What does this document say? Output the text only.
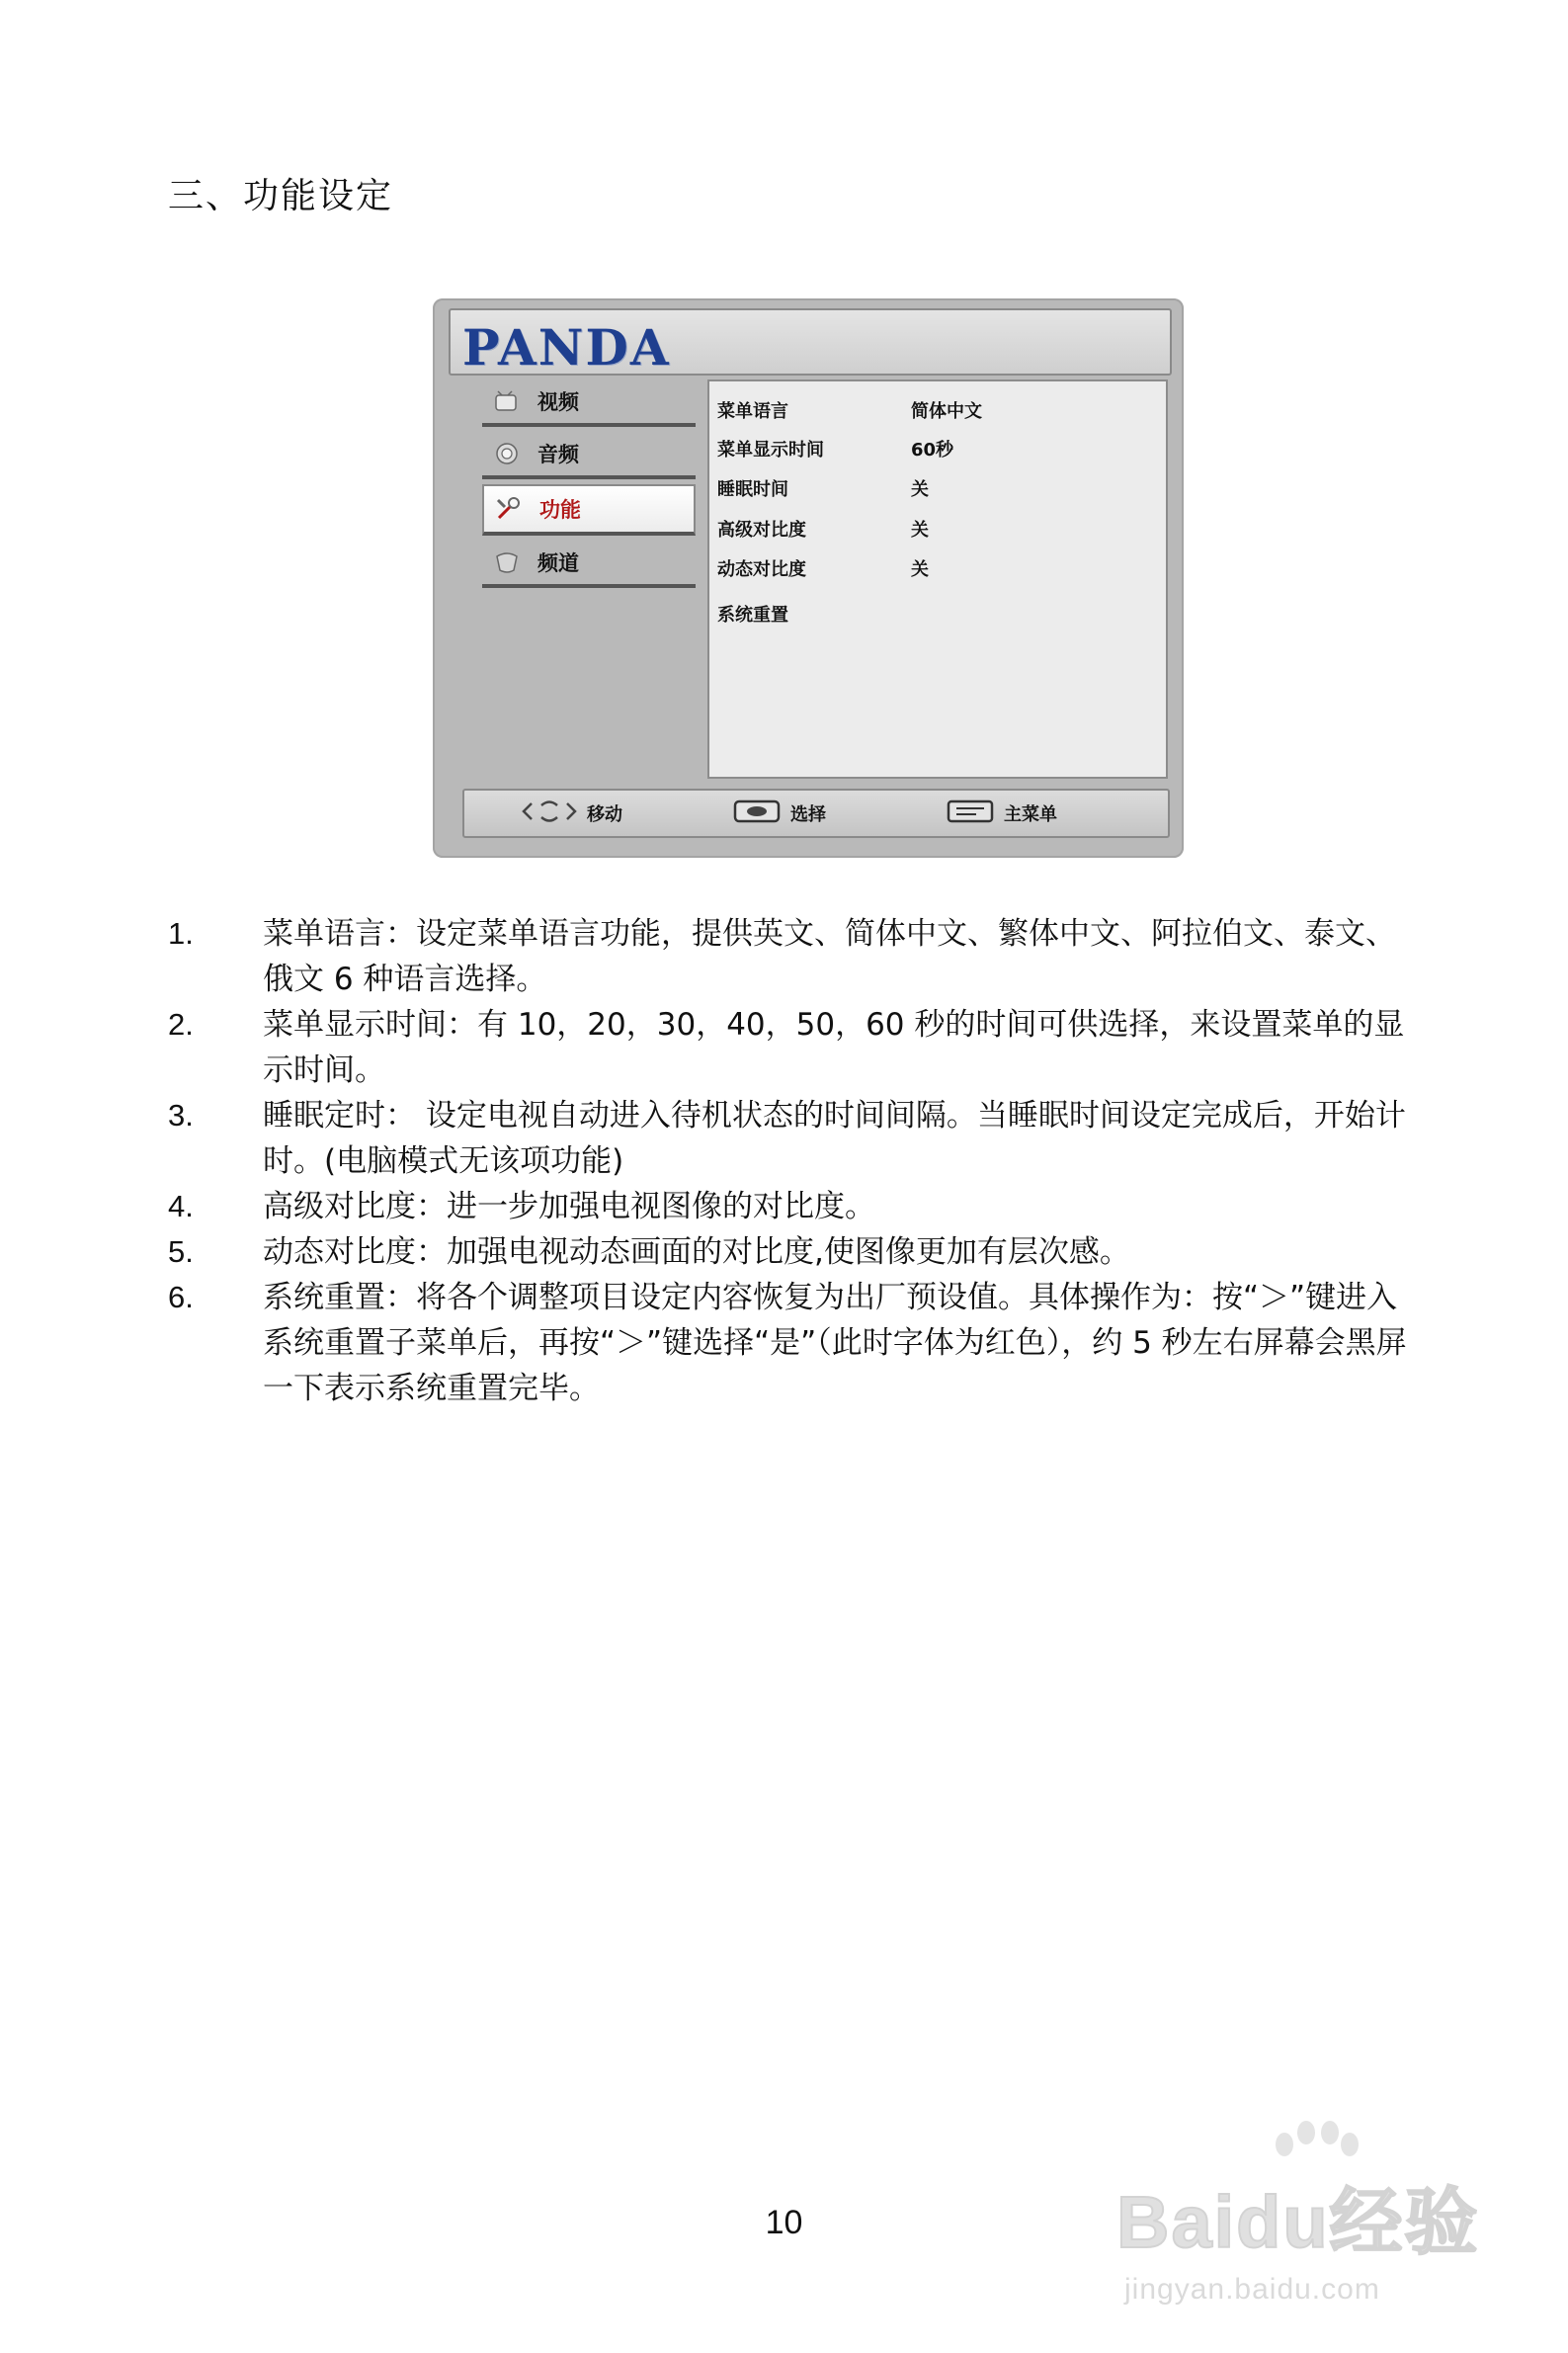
三、功能设定
PANDA
视频
音频
功能
频道
菜单语言	简体中文
菜单显示时间	60秒
睡眠时间	关
高级对比度	关
动态对比度	关
系统重置
移动	选择	主菜单
1. 菜单语言：设定菜单语言功能，提供英文、简体中文、繁体中文、阿拉伯文、泰文、俄文 6 种语言选择。
2. 菜单显示时间：有 10，20，30，40，50，60 秒的时间可供选择，来设置菜单的显示时间。
3. 睡眠定时： 设定电视自动进入待机状态的时间间隔。当睡眠时间设定完成后，开始计时。(电脑模式无该项功能)
4. 高级对比度：进一步加强电视图像的对比度。
5. 动态对比度：加强电视动态画面的对比度,使图像更加有层次感。
6. 系统重置：将各个调整项目设定内容恢复为出厂预设值。具体操作为：按“＞”键进入系统重置子菜单后，再按“＞”键选择“是”（此时字体为红色），约 5 秒左右屏幕会黑屏一下表示系统重置完毕。
Baidu经验
jingyan.baidu.com
10
